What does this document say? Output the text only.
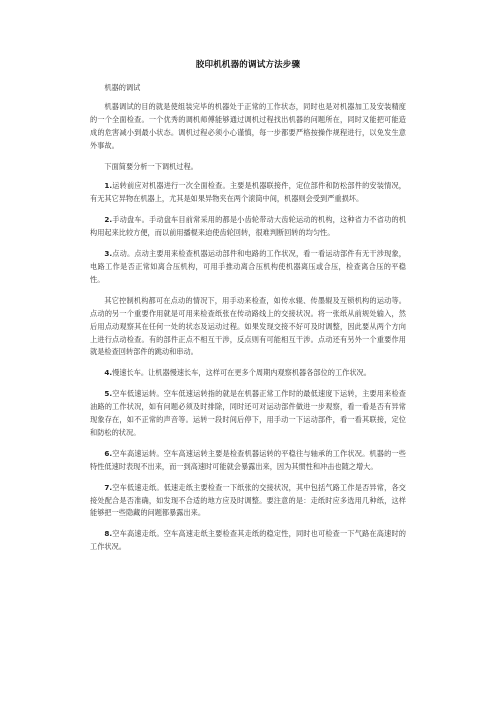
胶印机机器的调试方法步骤

机器的调试

机器调试的目的就是使组装完毕的机器处于正常的工作状态，同时也是对机器加工及安装精度的一个全面检查。一个优秀的调机师傅能够通过调机过程找出机器的问题所在，同时又能把可能造成的危害减小到最小状态。调机过程必须小心谨慎，每一步都要严格按操作规程进行，以免发生意外事故。

下面简要分析一下调机过程。

1.运转前应对机器进行一次全面检查。主要是机器联接件，定位部件和防松部件的安装情况，有无其它异物在机器上，尤其是如果异物夹在两个滚筒中间，机器则会受到严重损坏。

2.手动盘车。手动盘车目前常采用的都是小齿轮带动大齿轮运动的机构，这种省力不省功的机构用起来比较方便，而以前用播棍来迫使齿轮回转，很难判断回转的均匀性。

3.点动。点动主要用来检查机器运动部件和电路的工作状况，看一看运动部件有无干涉现象，电路工作是否正常如离合压机构，可用手推动离合压机构使机器离压或合压，检查离合压的平稳性。

其它控制机构都可在点动的情况下，用手动来检查，如传水辊、传墨辊及互锁机构的运动等。点动的另一个重要作用就是可用来检查纸张在传动路线上的交接状况。将一张纸从前规处输入，然后用点动观察其在任何一处的状态及运动过程。如果发现交接不好可及时调整，因此要从两个方向上进行点动检查。有的部件正点不相互干涉，反点则有可能相互干涉。点动还有另外一个重要作用就是检查回转部件的跳动和串动。

4.慢速长车。让机器慢速长车，这样可在更多个周期内观察机器各部位的工作状况。

5.空车低速运转。空车低速运转指的就是在机器正常工作时的最低速度下运转，主要用来检查油路的工作状况，如有问题必须及时排除，同时还可对运动部件做进一步观察，看一看是否有异常现象存在，如不正常的声音等。运转一段时间后停下，用手动一下运动部件，看一看其联接，定位和防松的状况。

6.空车高速运转。空车高速运转主要是检查机器运转的平稳往与轴承的工作状况。机器的一些特性低速时表现不出来，而一到高速时可能就会暴露出来，因为其惯性和冲击也随之增大。

7.空车低速走纸。低速走纸主要检查一下纸张的交接状况，其中包括气路工作是否异常，各交接处配合是否准确，如发现不合适的地方应及时调整。要注意的是：走纸时应多选用几种纸，这样能够把一些隐藏的问题都暴露出来。

8.空车高速走纸。空车高速走纸主要检查其走纸的稳定性，同时也可检查一下气路在高速时的工作状况。
